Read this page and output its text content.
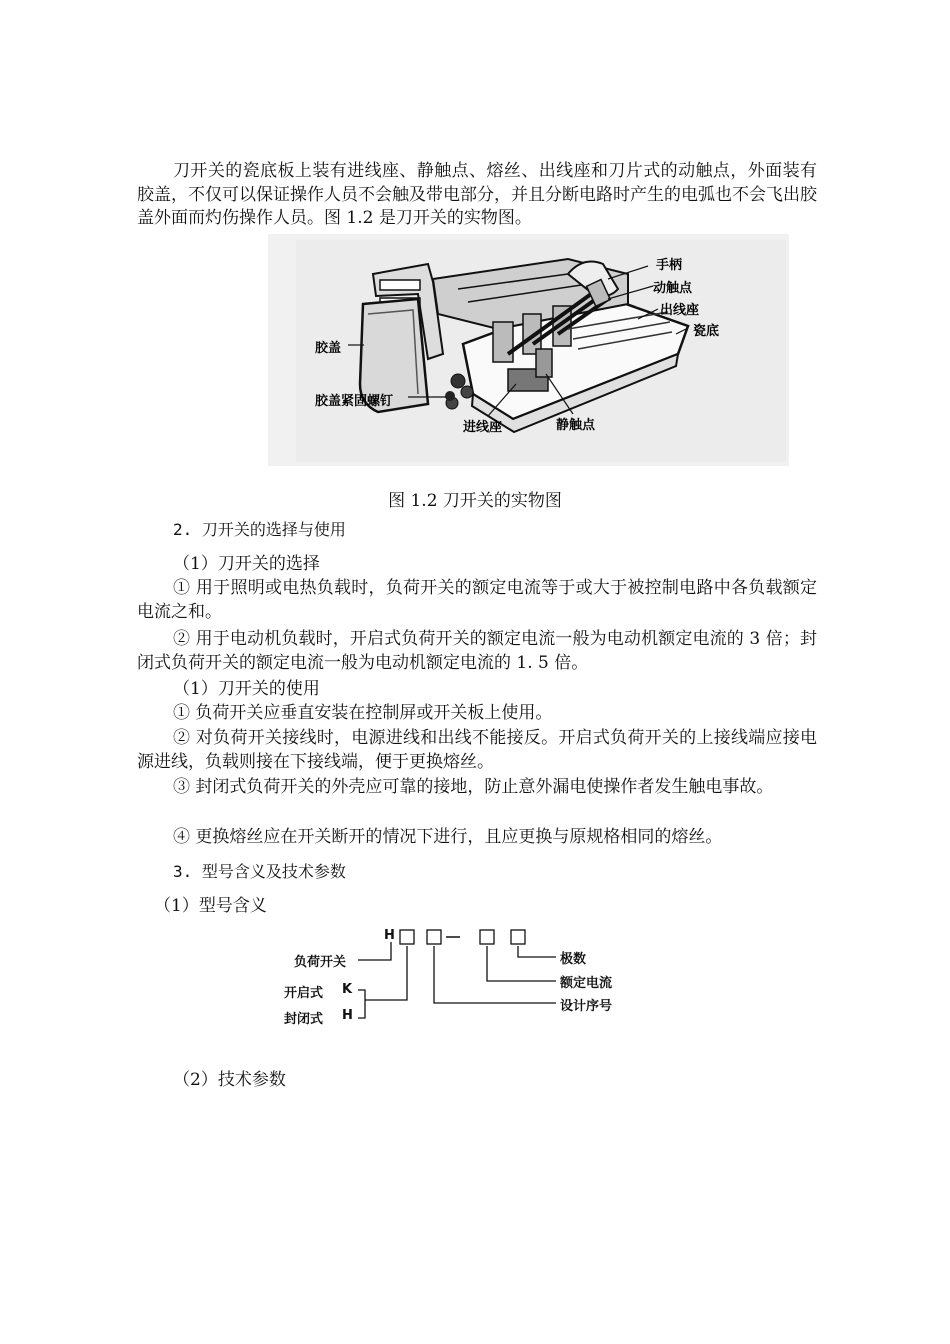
刀开关的瓷底板上装有进线座、静触点、熔丝、出线座和刀片式的动触点，外面装有胶盖，不仅可以保证操作人员不会触及带电部分，并且分断电路时产生的电弧也不会飞出胶盖外面而灼伤操作人员。图 1.2 是刀开关的实物图。

手柄
动触点
出线座
瓷底
胶盖
胶盖紧固螺钉
进线座	静触点
图 1.2 刀开关的实物图
2. 刀开关的选择与使用
（1）刀开关的选择

① 用于照明或电热负载时，负荷开关的额定电流等于或大于被控制电路中各负载额定电流之和。

② 用于电动机负载时，开启式负荷开关的额定电流一般为电动机额定电流的 3 倍；封闭式负荷开关的额定电流一般为电动机额定电流的 1. 5 倍。

（1）刀开关的使用

① 负荷开关应垂直安装在控制屏或开关板上使用。

② 对负荷开关接线时，电源进线和出线不能接反。开启式负荷开关的上接线端应接电源进线，负载则接在下接线端，便于更换熔丝。

③ 封闭式负荷开关的外壳应可靠的接地，防止意外漏电使操作者发生触电事故。

④ 更换熔丝应在开关断开的情况下进行，且应更换与原规格相同的熔丝。

3. 型号含义及技术参数
（1）型号含义
H
负荷开关
开启式 K
封闭式 H
极数
额定电流
设计序号
（2）技术参数
